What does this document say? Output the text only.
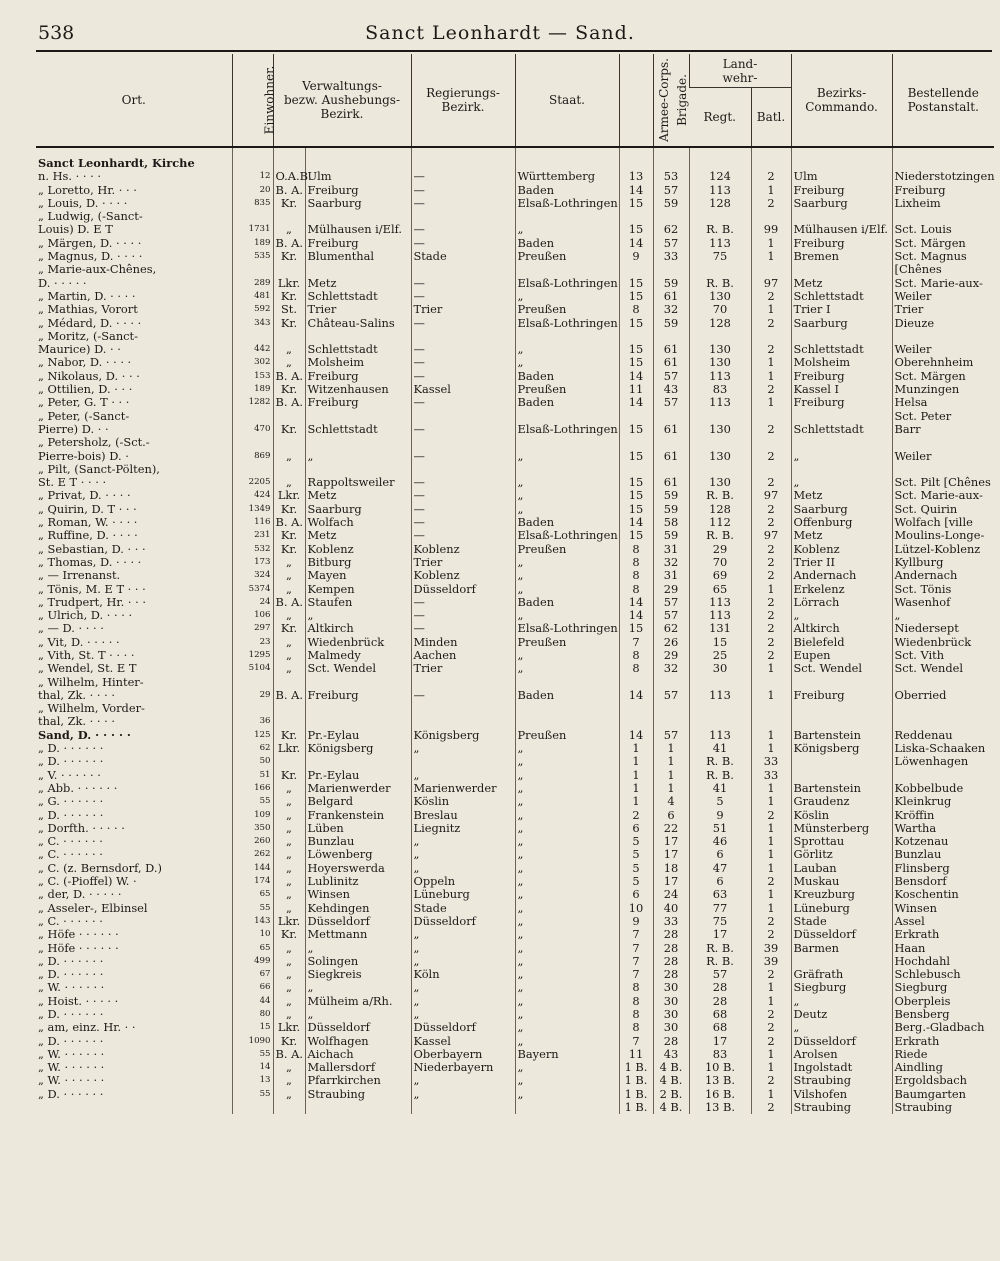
538	Sanct Leonhardt — Sand.
Ort.	Einwohner.	Verwaltungs-
bezw. Aushebungs-
Bezirk.		Regierungs-
Bezirk.	Staat.	Armee-Corps.	Brigade.	Land-
wehr-		Bezirks-
Commando.	Bestellende
Postanstalt.
								Regt.	Batl.		
Sanct Leonhardt, Kirche											
n. Hs. · · · ·	12	O.A.B.	Ulm	—	Württemberg	13	53	124	2	Ulm	Niederstotzingen
„ Loretto, Hr. · · ·	20	B. A.	Freiburg	—	Baden	14	57	113	1	Freiburg	Freiburg
„ Louis, D. · · · ·	835	Kr.	Saarburg	—	Elsaß-Lothringen	15	59	128	2	Saarburg	Lixheim
„ Ludwig, (-Sanct-											
Louis) D. E T	1731	„	Mülhausen i/Elf.	—	„	15	62	R. B.	99	Mülhausen i/Elf.	Sct. Louis
„ Märgen, D. · · · ·	189	B. A.	Freiburg	—	Baden	14	57	113	1	Freiburg	Sct. Märgen
„ Magnus, D. · · · ·	535	Kr.	Blumenthal	Stade	Preußen	9	33	75	1	Bremen	Sct. Magnus
„ Marie-aux-Chênes,											[Chênes
D. · · · · ·	289	Lkr.	Metz	—	Elsaß-Lothringen	15	59	R. B.	97	Metz	Sct. Marie-aux-
„ Martin, D. · · · ·	481	Kr.	Schlettstadt	—	„	15	61	130	2	Schlettstadt	Weiler
„ Mathias, Vorort	592	St.	Trier	Trier	Preußen	8	32	70	1	Trier I	Trier
„ Médard, D. · · · ·	343	Kr.	Château-Salins	—	Elsaß-Lothringen	15	59	128	2	Saarburg	Dieuze
„ Moritz, (-Sanct-											
Maurice) D. · ·	442	„	Schlettstadt	—	„	15	61	130	2	Schlettstadt	Weiler
„ Nabor, D. · · · ·	302	„	Molsheim	—	„	15	61	130	1	Molsheim	Oberehnheim
„ Nikolaus, D. · · ·	153	B. A.	Freiburg	—	Baden	14	57	113	1	Freiburg	Sct. Märgen
„ Ottilien, D. · · ·	189	Kr.	Witzenhausen	Kassel	Preußen	11	43	83	2	Kassel I	Munzingen
„ Peter, G. T · · ·	1282	B. A.	Freiburg	—	Baden	14	57	113	1	Freiburg	Helsa
„ Peter, (-Sanct-											Sct. Peter
Pierre) D. · ·	470	Kr.	Schlettstadt	—	Elsaß-Lothringen	15	61	130	2	Schlettstadt	Barr
„ Petersholz, (-Sct.-											
Pierre-bois) D. ·	869	„	„	—	„	15	61	130	2	„	Weiler
„ Pilt, (Sanct-Pölten),											
St. E T · · · ·	2205	„	Rappoltsweiler	—	„	15	61	130	2	„	Sct. Pilt [Chênes
„ Privat, D. · · · ·	424	Lkr.	Metz	—	„	15	59	R. B.	97	Metz	Sct. Marie-aux-
„ Quirin, D. T · · ·	1349	Kr.	Saarburg	—	„	15	59	128	2	Saarburg	Sct. Quirin
„ Roman, W. · · · ·	116	B. A.	Wolfach	—	Baden	14	58	112	2	Offenburg	Wolfach [ville
„ Ruffine, D. · · · ·	231	Kr.	Metz	—	Elsaß-Lothringen	15	59	R. B.	97	Metz	Moulins-Longe-
„ Sebastian, D. · · ·	532	Kr.	Koblenz	Koblenz	Preußen	8	31	29	2	Koblenz	Lützel-Koblenz
„ Thomas, D. · · · ·	173	„	Bitburg	Trier	„	8	32	70	2	Trier II	Kyllburg
„ — Irrenanst.	324	„	Mayen	Koblenz	„	8	31	69	2	Andernach	Andernach
„ Tönis, M. E T · · ·	5374	„	Kempen	Düsseldorf	„	8	29	65	1	Erkelenz	Sct. Tönis
„ Trudpert, Hr. · · ·	24	B. A.	Staufen	—	Baden	14	57	113	2	Lörrach	Wasenhof
„ Ulrich, D. · · · ·	106	„	„	—	„	14	57	113	2	„	„
„ — D. · · · ·	297	Kr.	Altkirch	—	Elsaß-Lothringen	15	62	131	2	Altkirch	Niedersept
„ Vit, D. · · · · ·	23	„	Wiedenbrück	Minden	Preußen	7	26	15	2	Bielefeld	Wiedenbrück
„ Vith, St. T · · · ·	1295	„	Malmedy	Aachen	„	8	29	25	2	Eupen	Sct. Vith
„ Wendel, St. E T	5104	„	Sct. Wendel	Trier	„	8	32	30	1	Sct. Wendel	Sct. Wendel
„ Wilhelm, Hinter-											
thal, Zk. · · · ·	29	B. A.	Freiburg	—	Baden	14	57	113	1	Freiburg	Oberried
„ Wilhelm, Vorder-											
thal, Zk. · · · ·	36										
Sand, D. · · · · ·	125	Kr.	Pr.-Eylau	Königsberg	Preußen	14	57	113	1	Bartenstein	Reddenau
„ D. · · · · · ·	62	Lkr.	Königsberg	„	„	1	1	41	1	Königsberg	Liska-Schaaken
„ D. · · · · · ·	50				„	1	1	R. B.	33		Löwenhagen
„ V. · · · · · ·	51	Kr.	Pr.-Eylau	„	„	1	1	R. B.	33		
„ Abb. · · · · · ·	166	„	Marienwerder	Marienwerder	„	1	1	41	1	Bartenstein	Kobbelbude
„ G. · · · · · ·	55	„	Belgard	Köslin	„	1	4	5	1	Graudenz	Kleinkrug
„ D. · · · · · ·	109	„	Frankenstein	Breslau	„	2	6	9	2	Köslin	Kröffin
„ Dorfth. · · · · ·	350	„	Lüben	Liegnitz	„	6	22	51	1	Münsterberg	Wartha
„ C. · · · · · ·	260	„	Bunzlau	„	„	5	17	46	1	Sprottau	Kotzenau
„ C. · · · · · ·	262	„	Löwenberg	„	„	5	17	6	1	Görlitz	Bunzlau
„ C. (z. Bernsdorf, D.)	144	„	Hoyerswerda	„	„	5	18	47	1	Lauban	Flinsberg
„ C. (-Pioffel) W. ·	174	„	Lublinitz	Oppeln	„	5	17	6	2	Muskau	Bensdorf
„ der, D. · · · · ·	65	„	Winsen	Lüneburg	„	6	24	63	1	Kreuzburg	Koschentin
„ Asseler-, Elbinsel	55	„	Kehdingen	Stade	„	10	40	77	1	Lüneburg	Winsen
„ C. · · · · · ·	143	Lkr.	Düsseldorf	Düsseldorf	„	9	33	75	2	Stade	Assel
„ Höfe · · · · · ·	10	Kr.	Mettmann	„	„	7	28	17	2	Düsseldorf	Erkrath
„ Höfe · · · · · ·	65	„	„	„	„	7	28	R. B.	39	Barmen	Haan
„ D. · · · · · ·	499	„	Solingen	„	„	7	28	R. B.	39		Hochdahl
„ D. · · · · · ·	67	„	Siegkreis	Köln	„	7	28	57	2	Gräfrath	Schlebusch
„ W. · · · · · ·	66	„	„	„	„	8	30	28	1	Siegburg	Siegburg
„ Hoist. · · · · ·	44	„	Mülheim a/Rh.	„	„	8	30	28	1	„	Oberpleis
„ D. · · · · · ·	80	„	„	„	„	8	30	68	2	Deutz	Bensberg
„ am, einz. Hr. · ·	15	Lkr.	Düsseldorf	Düsseldorf	„	8	30	68	2	„	Berg.-Gladbach
„ D. · · · · · ·	1090	Kr.	Wolfhagen	Kassel	„	7	28	17	2	Düsseldorf	Erkrath
„ W. · · · · · ·	55	B. A.	Aichach	Oberbayern	Bayern	11	43	83	1	Arolsen	Riede
„ W. · · · · · ·	14	„	Mallersdorf	Niederbayern	„	1 B.	4 B.	10 B.	1	Ingolstadt	Aindling
„ W. · · · · · ·	13	„	Pfarrkirchen	„	„	1 B.	4 B.	13 B.	2	Straubing	Ergoldsbach
„ D. · · · · · ·	55	„	Straubing	„	„	1 B.	2 B.	16 B.	1	Vilshofen	Baumgarten
						1 B.	4 B.	13 B.	2	Straubing	Straubing
